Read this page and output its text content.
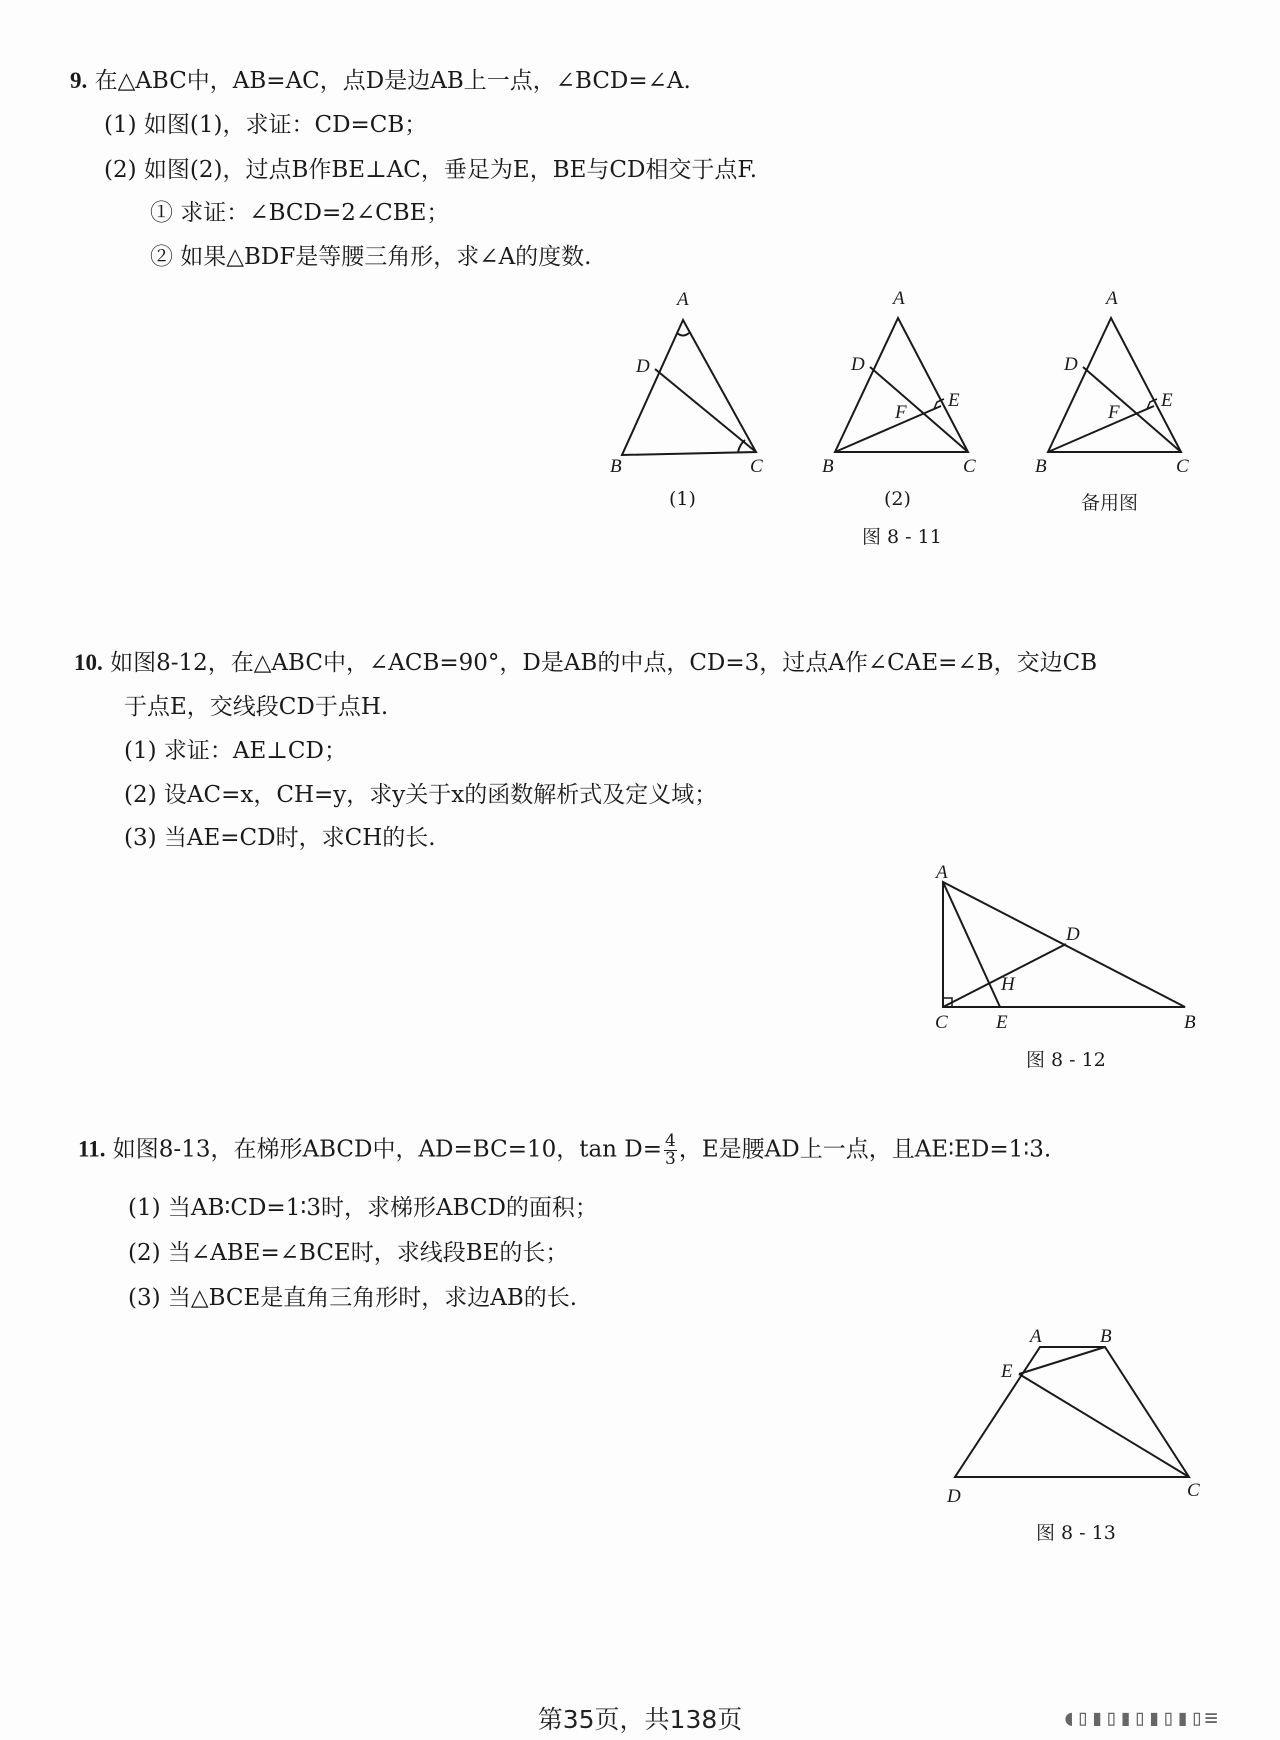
9. 在△ABC中，AB=AC，点D是边AB上一点，∠BCD=∠A.
(1) 如图(1)，求证：CD=CB；
(2) 如图(2)，过点B作BE⊥AC，垂足为E，BE与CD相交于点F.
① 求证：∠BCD=2∠CBE；
② 如果△BDF是等腰三角形，求∠A的度数.
A
D
B	C
(1)
A
D
F
E
B	C
(2)
A
D
F
E
B	C
备用图
图 8 - 11
10. 如图8-12，在△ABC中，∠ACB=90°，D是AB的中点，CD=3，过点A作∠CAE=∠B，交边CB
于点E，交线段CD于点H.
(1) 求证：AE⊥CD；
(2) 设AC=x，CH=y，求y关于x的函数解析式及定义域；
(3) 当AE=CD时，求CH的长.
A
D
H
C	E	B
图 8 - 12
11. 如图8-13，在梯形ABCD中，AD=BC=10，$\tan D= \frac{4}{3}$ ，E是腰AD上一点，且AE∶ED=1∶3.
(1) 当AB∶CD=1∶3时，求梯形ABCD的面积；
(2) 当∠ABE=∠BCE时，求线段BE的长；
(3) 当△BCE是直角三角形时，求边AB的长.
A	B
E
D	C
图 8 - 13
第35页，共138页	◖▯▮▯▮▯▮▯▮▯≡
